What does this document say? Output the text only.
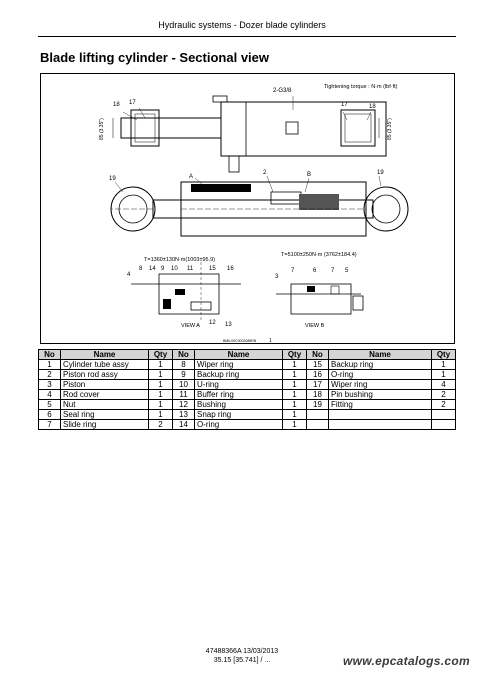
Hydraulic systems - Dozer blade cylinders
Blade lifting cylinder - Sectional view
2-G3/8
18 17	17	18
19	A
2	B	19
8 14 9 10 11	15 16
4
12 13
3
7	6 7 5
Tightening torque : N·m (lbf·ft)
T=1360±130N·m(1003±95.9)
T=5100±250N·m (3762±184.4)
VIEW A	VIEW B
BMIL00C0002088RN	1
85 (3.35")	85 (3.35")
No	Name	Qty	No	Name	Qty	No	Name	Qty
1	Cylinder tube assy	1	8	Wiper ring	1	15	Backup ring	1
2	Piston rod assy	1	9	Backup ring	1	16	O-ring	1
3	Piston	1	10	U-ring	1	17	Wiper ring	4
4	Rod cover	1	11	Buffer ring	1	18	Pin bushing	2
5	Nut	1	12	Bushing	1	19	Fitting	2
6	Seal ring	1	13	Snap ring	1			
7	Slide ring	2	14	O-ring	1			
47488366A 13/03/2013
35.15 [35.741] / ...	www.epcatalogs.com
